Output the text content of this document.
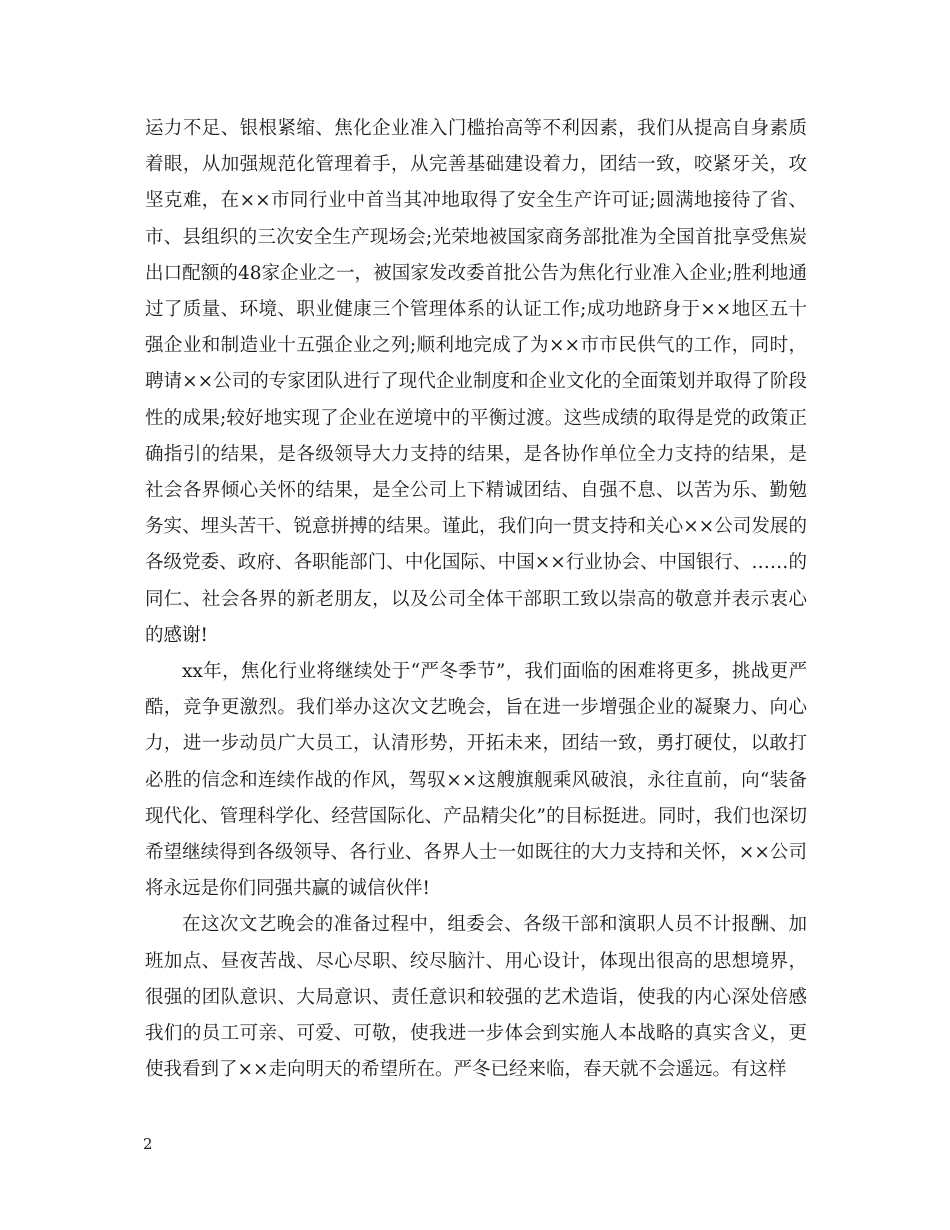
运力不足、银根紧缩、焦化企业准入门槛抬高等不利因素，我们从提高自身素质着眼，从加强规范化管理着手，从完善基础建设着力，团结一致，咬紧牙关，攻坚克难，在××市同行业中首当其冲地取得了安全生产许可证;圆满地接待了省、市、县组织的三次安全生产现场会;光荣地被国家商务部批准为全国首批享受焦炭出口配额的48家企业之一，被国家发改委首批公告为焦化行业准入企业;胜利地通过了质量、环境、职业健康三个管理体系的认证工作;成功地跻身于××地区五十强企业和制造业十五强企业之列;顺利地完成了为××市市民供气的工作，同时，聘请××公司的专家团队进行了现代企业制度和企业文化的全面策划并取得了阶段性的成果;较好地实现了企业在逆境中的平衡过渡。这些成绩的取得是党的政策正确指引的结果，是各级领导大力支持的结果，是各协作单位全力支持的结果，是社会各界倾心关怀的结果，是全公司上下精诚团结、自强不息、以苦为乐、勤勉务实、埋头苦干、锐意拼搏的结果。谨此，我们向一贯支持和关心××公司发展的各级党委、政府、各职能部门、中化国际、中国××行业协会、中国银行、……的同仁、社会各界的新老朋友，以及公司全体干部职工致以崇高的敬意并表示衷心的感谢!

xx年，焦化行业将继续处于“严冬季节”，我们面临的困难将更多，挑战更严酷，竞争更激烈。我们举办这次文艺晚会，旨在进一步增强企业的凝聚力、向心力，进一步动员广大员工，认清形势，开拓未来，团结一致，勇打硬仗，以敢打必胜的信念和连续作战的作风，驾驭××这艘旗舰乘风破浪，永往直前，向“装备现代化、管理科学化、经营国际化、产品精尖化”的目标挺进。同时，我们也深切希望继续得到各级领导、各行业、各界人士一如既往的大力支持和关怀，××公司将永远是你们同强共赢的诚信伙伴!

在这次文艺晚会的准备过程中，组委会、各级干部和演职人员不计报酬、加班加点、昼夜苦战、尽心尽职、绞尽脑汁、用心设计，体现出很高的思想境界，很强的团队意识、大局意识、责任意识和较强的艺术造诣，使我的内心深处倍感我们的员工可亲、可爱、可敬，使我进一步体会到实施人本战略的真实含义，更使我看到了××走向明天的希望所在。严冬已经来临，春天就不会遥远。有这样

2
